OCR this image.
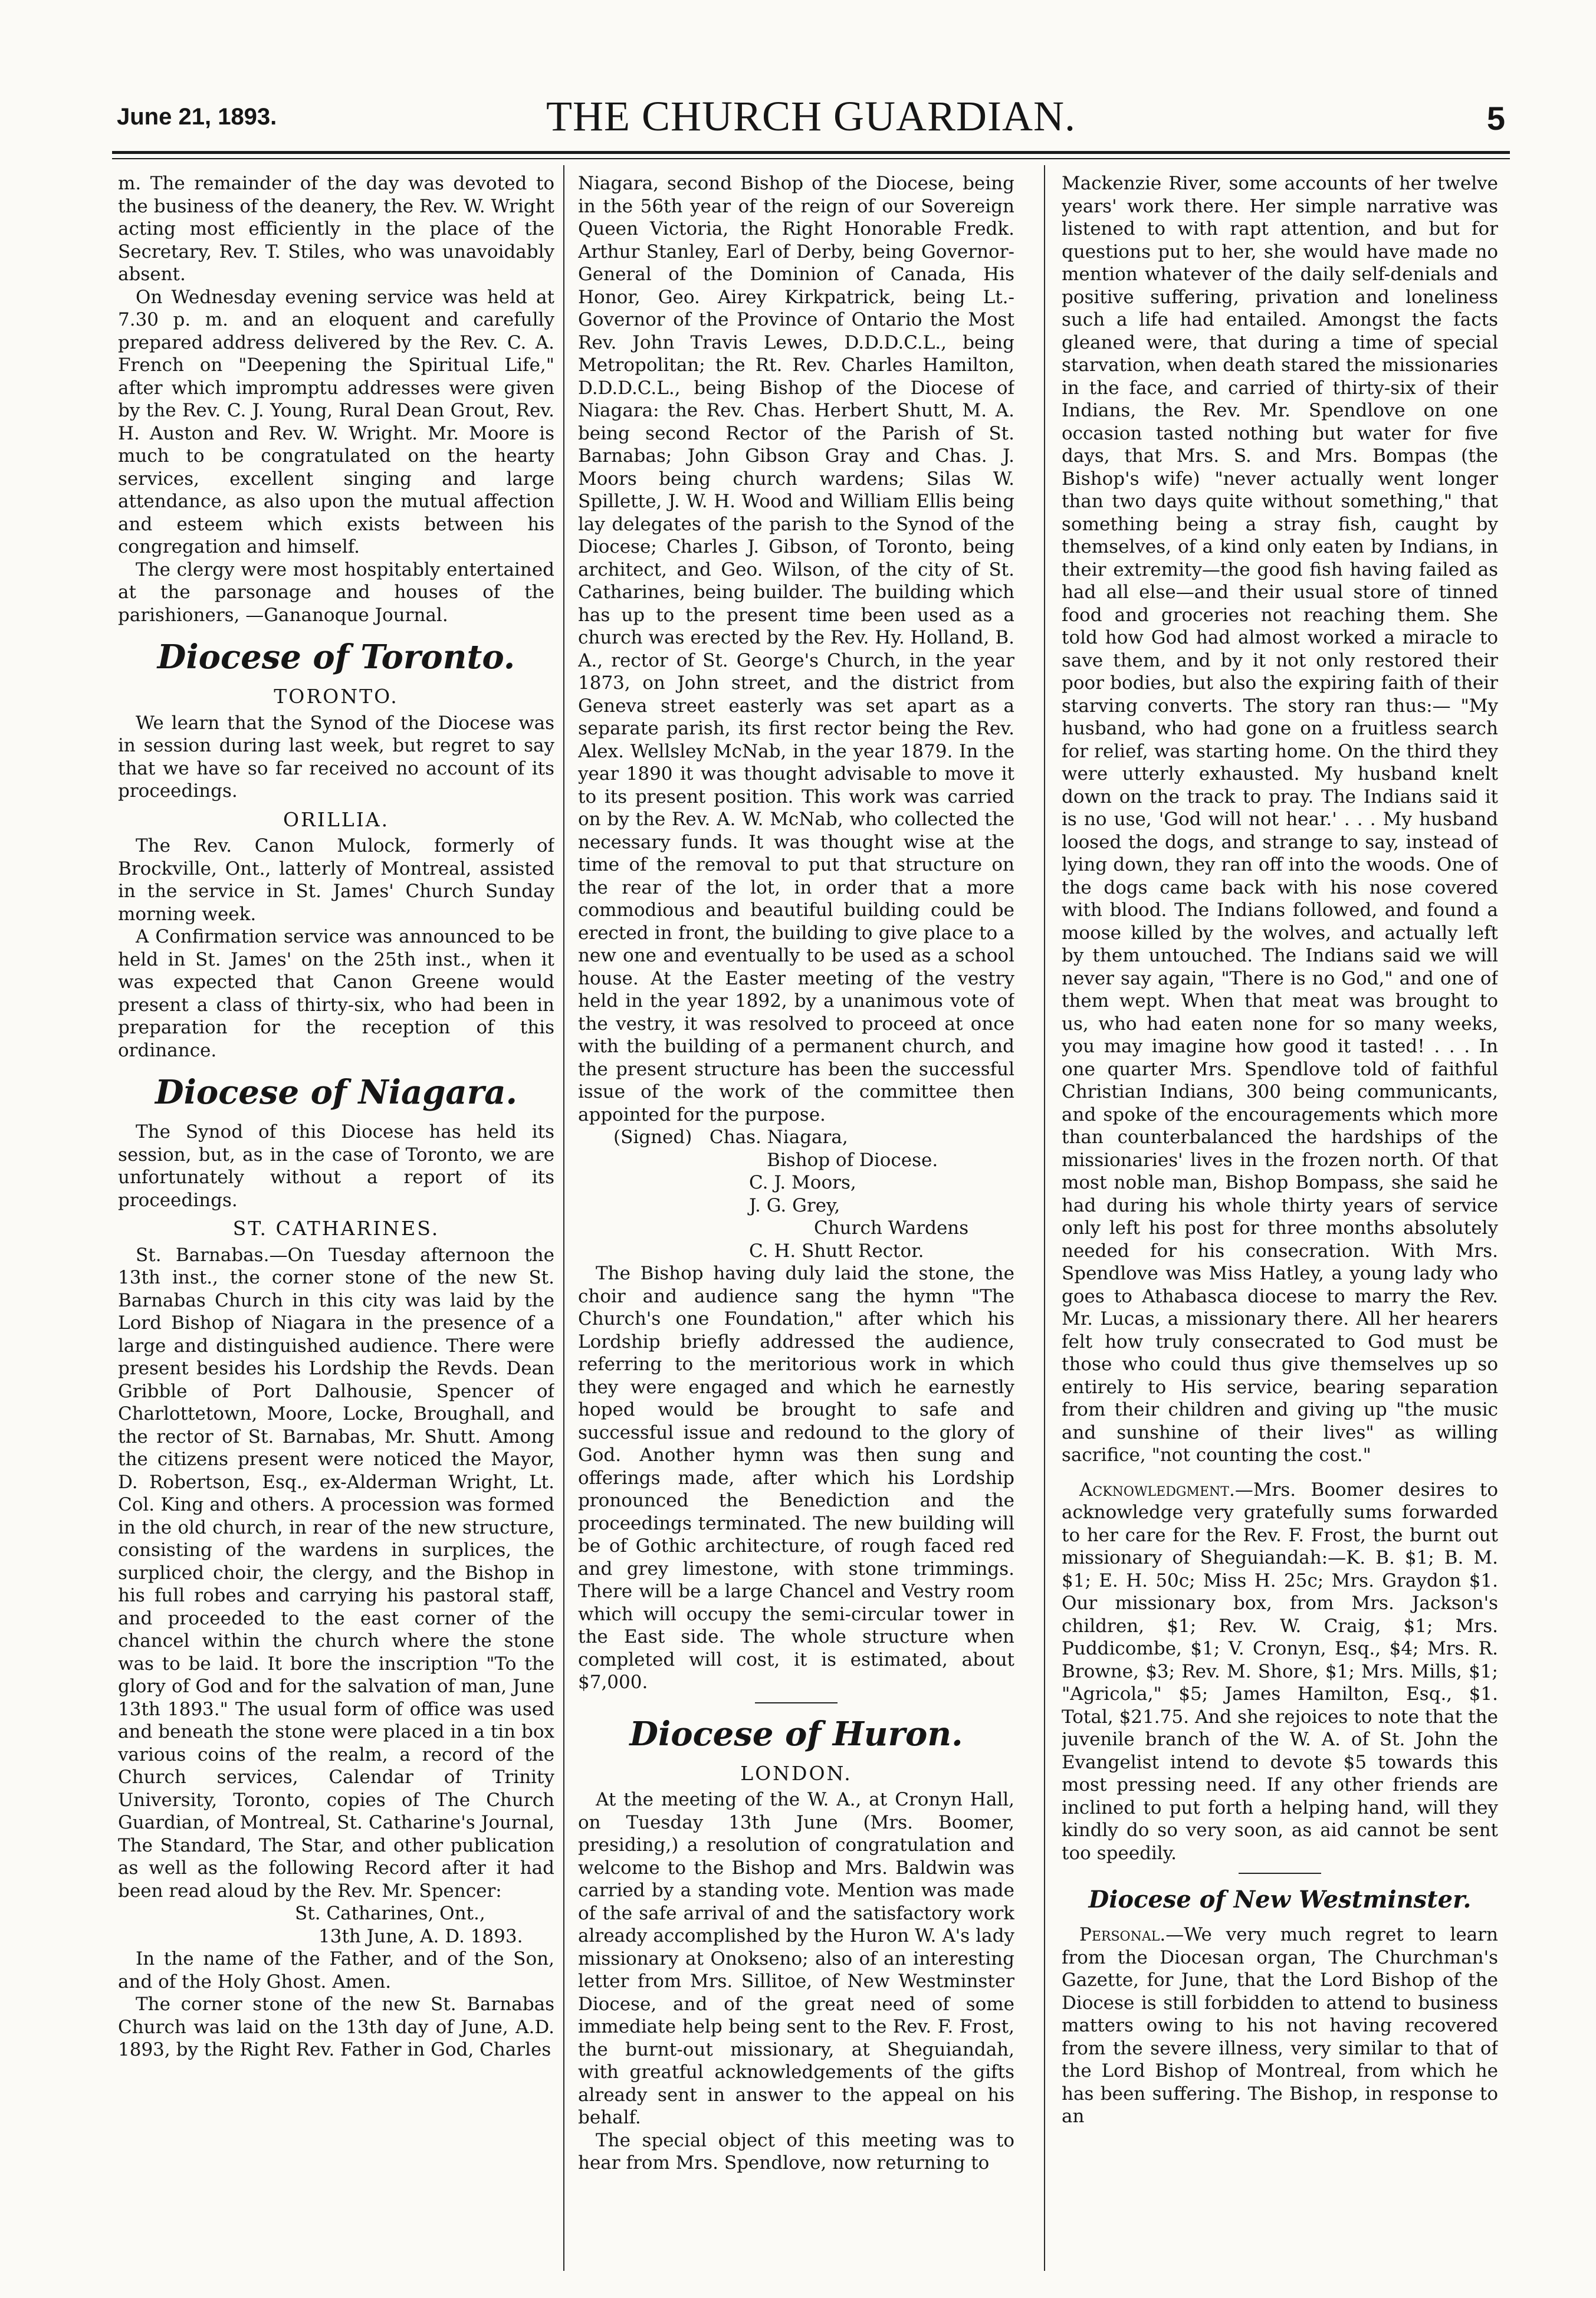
June 21, 1893.	THE CHURCH GUARDIAN.	5

m. The remainder of the day was devoted to the business of the deanery, the Rev. W. Wright acting most efficiently in the place of the Secretary, Rev. T. Stiles, who was unavoidably absent.

On Wednesday evening service was held at 7.30 p. m. and an eloquent and carefully prepared address delivered by the Rev. C. A. French on "Deepening the Spiritual Life," after which impromptu addresses were given by the Rev. C. J. Young, Rural Dean Grout, Rev. H. Auston and Rev. W. Wright. Mr. Moore is much to be congratulated on the hearty services, excellent singing and large attendance, as also upon the mutual affection and esteem which exists between his congregation and himself.

The clergy were most hospitably entertained at the parsonage and houses of the parishioners, —Gananoque Journal.

Diocese of Toronto.
TORONTO.

We learn that the Synod of the Diocese was in session during last week, but regret to say that we have so far received no account of its proceedings.

ORILLIA.

The Rev. Canon Mulock, formerly of Brockville, Ont., latterly of Montreal, assisted in the service in St. James' Church Sunday morning week.

A Confirmation service was announced to be held in St. James' on the 25th inst., when it was expected that Canon Greene would present a class of thirty-six, who had been in preparation for the reception of this ordinance.

Diocese of Niagara.

The Synod of this Diocese has held its session, but, as in the case of Toronto, we are unfortunately without a report of its proceedings.

ST. CATHARINES.

St. Barnabas.—On Tuesday afternoon the 13th inst., the corner stone of the new St. Barnabas Church in this city was laid by the Lord Bishop of Niagara in the presence of a large and distinguished audience. There were present besides his Lordship the Revds. Dean Gribble of Port Dalhousie, Spencer of Charlottetown, Moore, Locke, Broughall, and the rector of St. Barnabas, Mr. Shutt. Among the citizens present were noticed the Mayor, D. Robertson, Esq., ex-Alderman Wright, Lt. Col. King and others. A procession was formed in the old church, in rear of the new structure, consisting of the wardens in surplices, the surpliced choir, the clergy, and the Bishop in his full robes and carrying his pastoral staff, and proceeded to the east corner of the chancel within the church where the stone was to be laid. It bore the inscription "To the glory of God and for the salvation of man, June 13th 1893." The usual form of office was used and beneath the stone were placed in a tin box various coins of the realm, a record of the Church services, Calendar of Trinity University, Toronto, copies of The Church Guardian, of Montreal, St. Catharine's Journal, The Standard, The Star, and other publication as well as the following Record after it had been read aloud by the Rev. Mr. Spencer:

St. Catharines, Ont.,
13th June, A. D. 1893.

In the name of the Father, and of the Son, and of the Holy Ghost. Amen.

The corner stone of the new St. Barnabas Church was laid on the 13th day of June, A.D. 1893, by the Right Rev. Father in God, Charles

Niagara, second Bishop of the Diocese, being in the 56th year of the reign of our Sovereign Queen Victoria, the Right Honorable Fredk. Arthur Stanley, Earl of Derby, being Governor-General of the Dominion of Canada, His Honor, Geo. Airey Kirkpatrick, being Lt.-Governor of the Province of Ontario the Most Rev. John Travis Lewes, D.D.D.C.L., being Metropolitan; the Rt. Rev. Charles Hamilton, D.D.D.C.L., being Bishop of the Diocese of Niagara: the Rev. Chas. Herbert Shutt, M. A. being second Rector of the Parish of St. Barnabas; John Gibson Gray and Chas. J. Moors being church wardens; Silas W. Spillette, J. W. H. Wood and William Ellis being lay delegates of the parish to the Synod of the Diocese; Charles J. Gibson, of Toronto, being architect, and Geo. Wilson, of the city of St. Catharines, being builder. The building which has up to the present time been used as a church was erected by the Rev. Hy. Holland, B. A., rector of St. George's Church, in the year 1873, on John street, and the district from Geneva street easterly was set apart as a separate parish, its first rector being the Rev. Alex. Wellsley McNab, in the year 1879. In the year 1890 it was thought advisable to move it to its present position. This work was carried on by the Rev. A. W. McNab, who collected the necessary funds. It was thought wise at the time of the removal to put that structure on the rear of the lot, in order that a more commodious and beautiful building could be erected in front, the building to give place to a new one and eventually to be used as a school house. At the Easter meeting of the vestry held in the year 1892, by a unanimous vote of the vestry, it was resolved to proceed at once with the building of a permanent church, and the present structure has been the successful issue of the work of the committee then appointed for the purpose.

(Signed)   Chas. Niagara,
Bishop of Diocese.
C. J. Moors,
J. G. Grey,
Church Wardens
C. H. Shutt Rector.

The Bishop having duly laid the stone, the choir and audience sang the hymn "The Church's one Foundation," after which his Lordship briefly addressed the audience, referring to the meritorious work in which they were engaged and which he earnestly hoped would be brought to safe and successful issue and redound to the glory of God. Another hymn was then sung and offerings made, after which his Lordship pronounced the Benediction and the proceedings terminated. The new building will be of Gothic architecture, of rough faced red and grey limestone, with stone trimmings. There will be a large Chancel and Vestry room which will occupy the semi-circular tower in the East side. The whole structure when completed will cost, it is estimated, about $7,000.

Diocese of Huron.
LONDON.

At the meeting of the W. A., at Cronyn Hall, on Tuesday 13th June (Mrs. Boomer, presiding,) a resolution of congratulation and welcome to the Bishop and Mrs. Baldwin was carried by a standing vote. Mention was made of the safe arrival of and the satisfactory work already accomplished by the Huron W. A's lady missionary at Onokseno; also of an interesting letter from Mrs. Sillitoe, of New Westminster Diocese, and of the great need of some immediate help being sent to the Rev. F. Frost, the burnt-out missionary, at Sheguiandah, with greatful acknowledgements of the gifts already sent in answer to the appeal on his behalf.

The special object of this meeting was to hear from Mrs. Spendlove, now returning to

Mackenzie River, some accounts of her twelve years' work there. Her simple narrative was listened to with rapt attention, and but for questions put to her, she would have made no mention whatever of the daily self-denials and positive suffering, privation and loneliness such a life had entailed. Amongst the facts gleaned were, that during a time of special starvation, when death stared the missionaries in the face, and carried of thirty-six of their Indians, the Rev. Mr. Spendlove on one occasion tasted nothing but water for five days, that Mrs. S. and Mrs. Bompas (the Bishop's wife) "never actually went longer than two days quite without something," that something being a stray fish, caught by themselves, of a kind only eaten by Indians, in their extremity—the good fish having failed as had all else—and their usual store of tinned food and groceries not reaching them. She told how God had almost worked a miracle to save them, and by it not only restored their poor bodies, but also the expiring faith of their starving converts. The story ran thus:— "My husband, who had gone on a fruitless search for relief, was starting home. On the third they were utterly exhausted. My husband knelt down on the track to pray. The Indians said it is no use, 'God will not hear.' . . . My husband loosed the dogs, and strange to say, instead of lying down, they ran off into the woods. One of the dogs came back with his nose covered with blood. The Indians followed, and found a moose killed by the wolves, and actually left by them untouched. The Indians said we will never say again, "There is no God," and one of them wept. When that meat was brought to us, who had eaten none for so many weeks, you may imagine how good it tasted! . . . In one quarter Mrs. Spendlove told of faithful Christian Indians, 300 being communicants, and spoke of the encouragements which more than counterbalanced the hardships of the missionaries' lives in the frozen north. Of that most noble man, Bishop Bompass, she said he had during his whole thirty years of service only left his post for three months absolutely needed for his consecration. With Mrs. Spendlove was Miss Hatley, a young lady who goes to Athabasca diocese to marry the Rev. Mr. Lucas, a missionary there. All her hearers felt how truly consecrated to God must be those who could thus give themselves up so entirely to His service, bearing separation from their children and giving up "the music and sunshine of their lives" as willing sacrifice, "not counting the cost."

Acknowledgment.—Mrs. Boomer desires to acknowledge very gratefully sums forwarded to her care for the Rev. F. Frost, the burnt out missionary of Sheguiandah:—K. B. $1; B. M. $1; E. H. 50c; Miss H. 25c; Mrs. Graydon $1. Our missionary box, from Mrs. Jackson's children, $1; Rev. W. Craig, $1; Mrs. Puddicombe, $1; V. Cronyn, Esq., $4; Mrs. R. Browne, $3; Rev. M. Shore, $1; Mrs. Mills, $1; "Agricola," $5; James Hamilton, Esq., $1. Total, $21.75. And she rejoices to note that the juvenile branch of the W. A. of St. John the Evangelist intend to devote $5 towards this most pressing need. If any other friends are inclined to put forth a helping hand, will they kindly do so very soon, as aid cannot be sent too speedily.

Diocese of New Westminster.

Personal.—We very much regret to learn from the Diocesan organ, The Churchman's Gazette, for June, that the Lord Bishop of the Diocese is still forbidden to attend to business matters owing to his not having recovered from the severe illness, very similar to that of the Lord Bishop of Montreal, from which he has been suffering. The Bishop, in response to an
